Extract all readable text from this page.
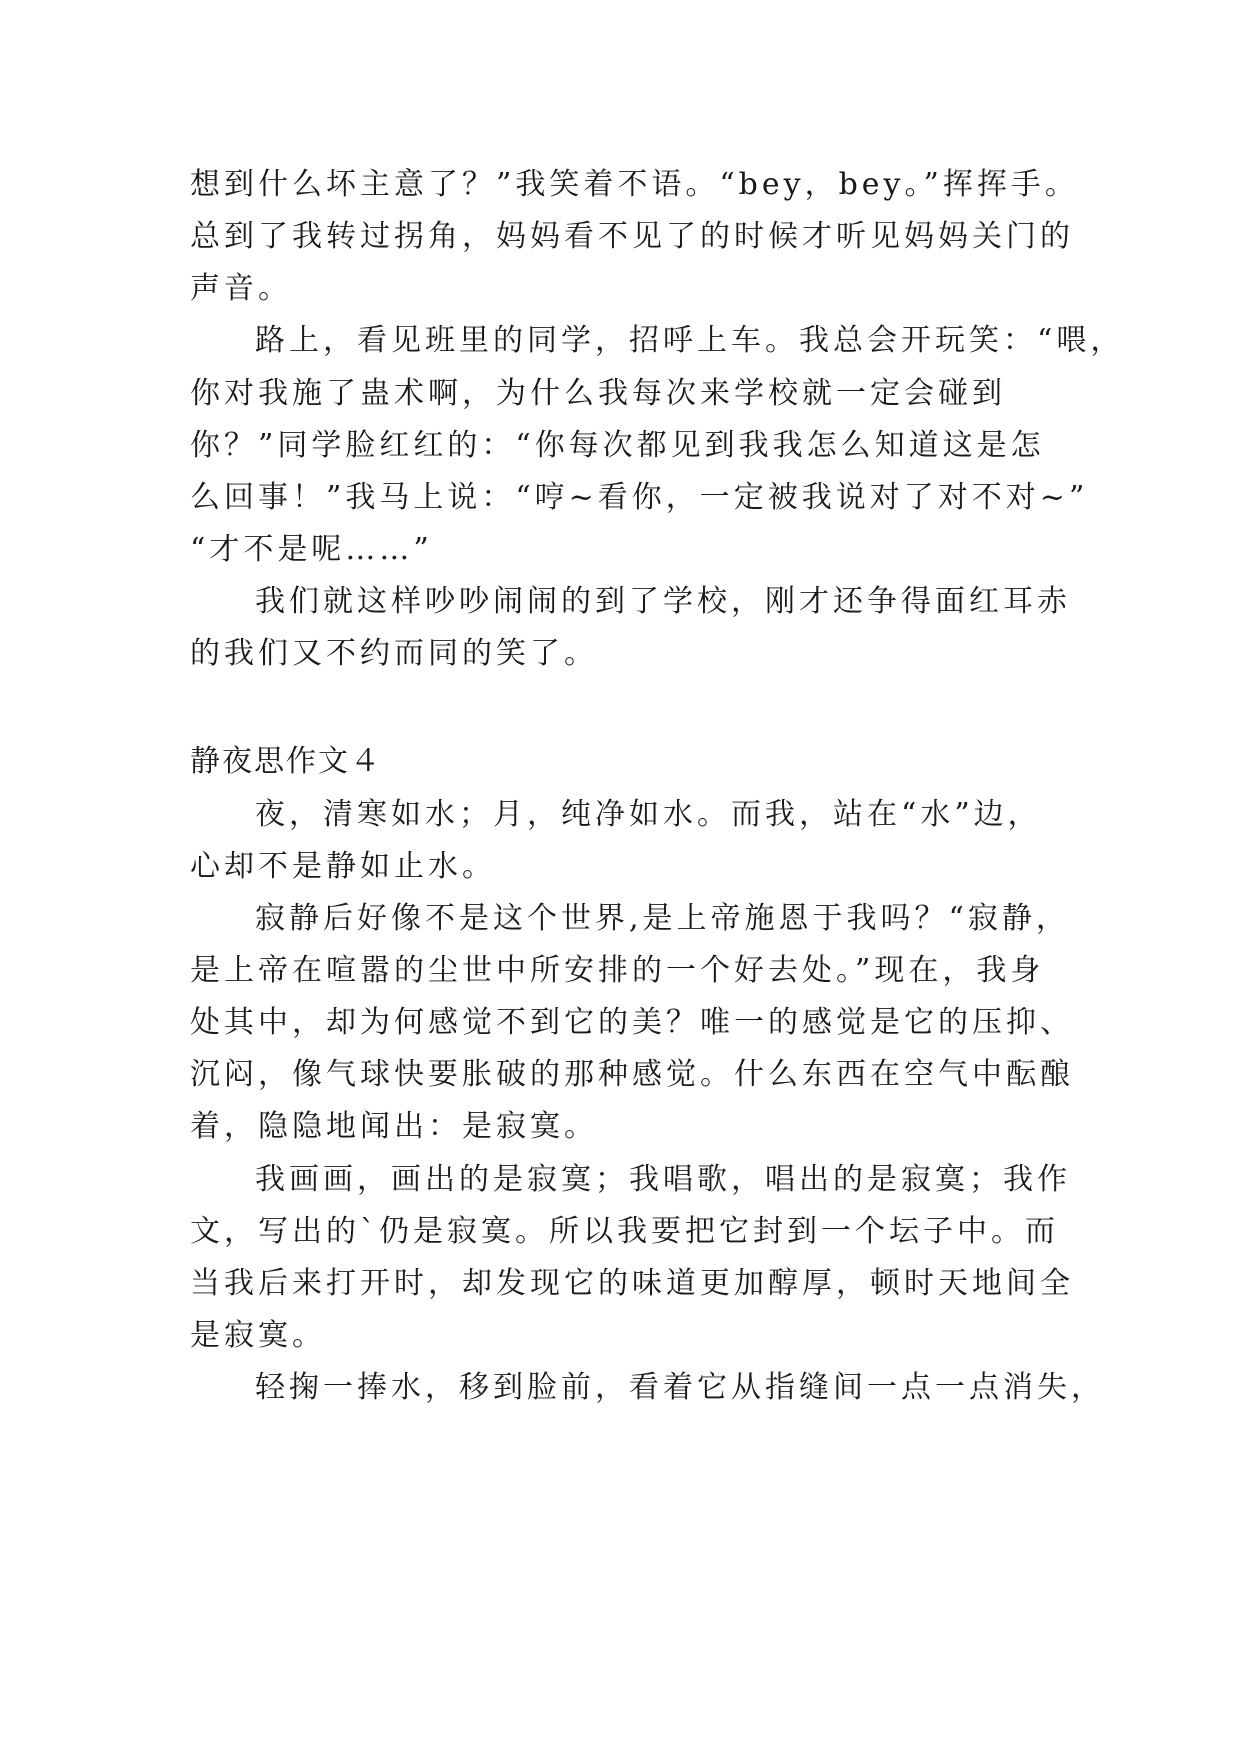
想到什么坏主意了？”我笑着不语。“bey，bey。”挥挥手。
总到了我转过拐角，妈妈看不见了的时候才听见妈妈关门的
声音。
路上，看见班里的同学，招呼上车。我总会开玩笑：“喂，
你对我施了蛊术啊，为什么我每次来学校就一定会碰到
你？”同学脸红红的：“你每次都见到我我怎么知道这是怎
么回事！”我马上说：“哼~看你，一定被我说对了对不对~”
“才不是呢……”
我们就这样吵吵闹闹的到了学校，刚才还争得面红耳赤
的我们又不约而同的笑了。
静夜思作文４
夜，清寒如水；月，纯净如水。而我，站在“水”边，
心却不是静如止水。
寂静后好像不是这个世界,是上帝施恩于我吗？“寂静，
是上帝在喧嚣的尘世中所安排的一个好去处。”现在，我身
处其中，却为何感觉不到它的美？唯一的感觉是它的压抑、
沉闷，像气球快要胀破的那种感觉。什么东西在空气中酝酿
着，隐隐地闻出：是寂寞。
我画画，画出的是寂寞；我唱歌，唱出的是寂寞；我作
文，写出的`仍是寂寞。所以我要把它封到一个坛子中。而
当我后来打开时，却发现它的味道更加醇厚，顿时天地间全
是寂寞。
轻掬一捧水，移到脸前，看着它从指缝间一点一点消失，
